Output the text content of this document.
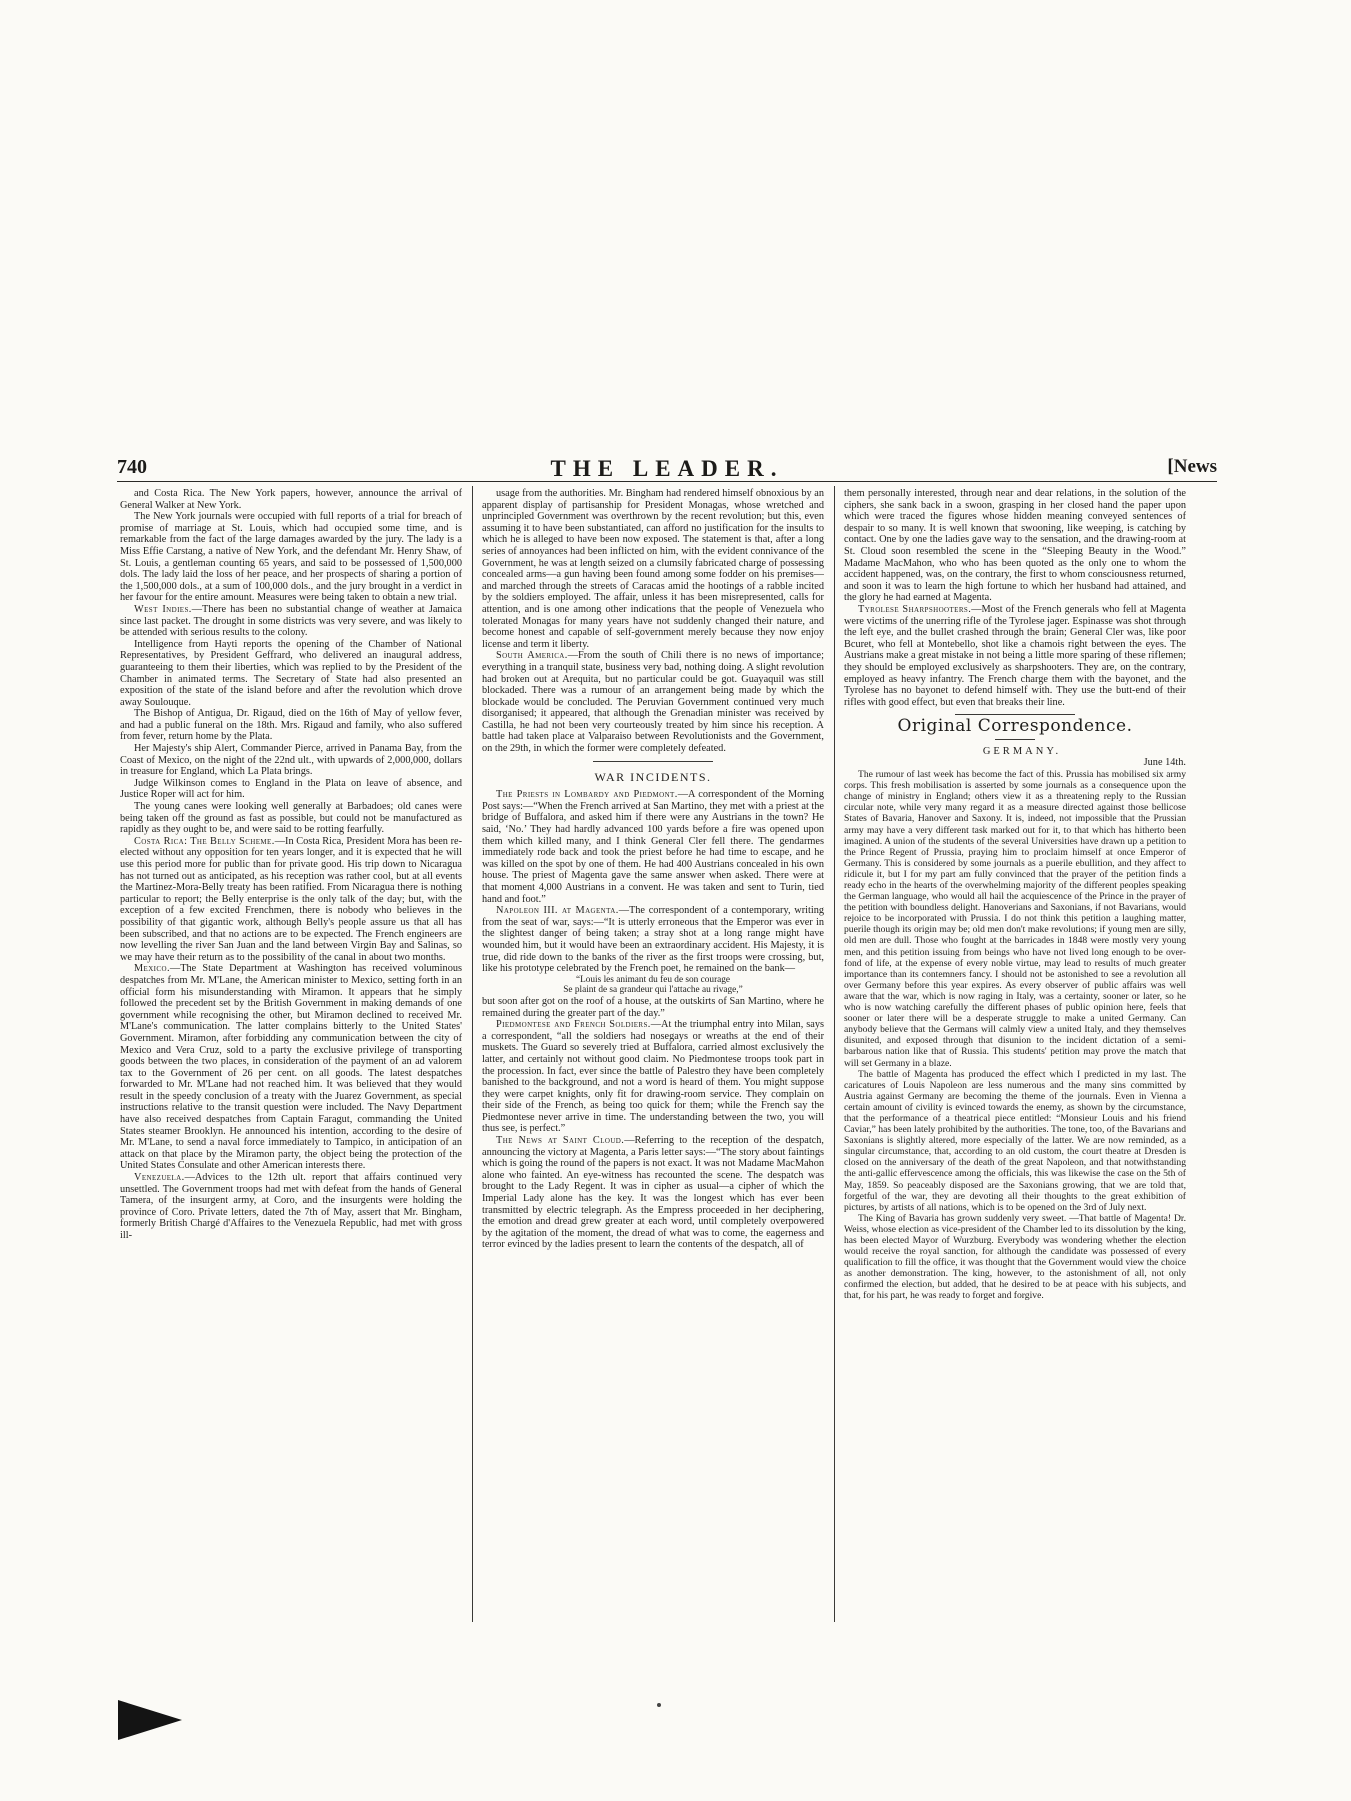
740	THE LEADER.	[News

and Costa Rica. The New York papers, however, announce the arrival of General Walker at New York.

The New York journals were occupied with full reports of a trial for breach of promise of marriage at St. Louis, which had occupied some time, and is remarkable from the fact of the large damages awarded by the jury. The lady is a Miss Effie Carstang, a native of New York, and the defendant Mr. Henry Shaw, of St. Louis, a gentleman counting 65 years, and said to be possessed of 1,500,000 dols. The lady laid the loss of her peace, and her prospects of sharing a portion of the 1,500,000 dols., at a sum of 100,000 dols., and the jury brought in a verdict in her favour for the entire amount. Measures were being taken to obtain a new trial.

West Indies.—There has been no substantial change of weather at Jamaica since last packet. The drought in some districts was very severe, and was likely to be attended with serious results to the colony.

Intelligence from Hayti reports the opening of the Chamber of National Representatives, by President Geffrard, who delivered an inaugural address, guaranteeing to them their liberties, which was replied to by the President of the Chamber in animated terms. The Secretary of State had also presented an exposition of the state of the island before and after the revolution which drove away Soulouque.

The Bishop of Antigua, Dr. Rigaud, died on the 16th of May of yellow fever, and had a public funeral on the 18th. Mrs. Rigaud and family, who also suffered from fever, return home by the Plata.

Her Majesty's ship Alert, Commander Pierce, arrived in Panama Bay, from the Coast of Mexico, on the night of the 22nd ult., with upwards of 2,000,000, dollars in treasure for England, which La Plata brings.

Judge Wilkinson comes to England in the Plata on leave of absence, and Justice Roper will act for him.

The young canes were looking well generally at Barbadoes; old canes were being taken off the ground as fast as possible, but could not be manufactured as rapidly as they ought to be, and were said to be rotting fearfully.

Costa Rica: The Belly Scheme.—In Costa Rica, President Mora has been re-elected without any opposition for ten years longer, and it is expected that he will use this period more for public than for private good. His trip down to Nicaragua has not turned out as anticipated, as his reception was rather cool, but at all events the Martinez-Mora-Belly treaty has been ratified. From Nicaragua there is nothing particular to report; the Belly enterprise is the only talk of the day; but, with the exception of a few excited Frenchmen, there is nobody who believes in the possibility of that gigantic work, although Belly's people assure us that all has been subscribed, and that no actions are to be expected. The French engineers are now levelling the river San Juan and the land between Virgin Bay and Salinas, so we may have their return as to the possibility of the canal in about two months.

Mexico.—The State Department at Washington has received voluminous despatches from Mr. M'Lane, the American minister to Mexico, setting forth in an official form his misunderstanding with Miramon. It appears that he simply followed the precedent set by the British Government in making demands of one government while recognising the other, but Miramon declined to received Mr. M'Lane's communication. The latter complains bitterly to the United States' Government. Miramon, after forbidding any communication between the city of Mexico and Vera Cruz, sold to a party the exclusive privilege of transporting goods between the two places, in consideration of the payment of an ad valorem tax to the Government of 26 per cent. on all goods. The latest despatches forwarded to Mr. M'Lane had not reached him. It was believed that they would result in the speedy conclusion of a treaty with the Juarez Government, as special instructions relative to the transit question were included. The Navy Department have also received despatches from Captain Faragut, commanding the United States steamer Brooklyn. He announced his intention, according to the desire of Mr. M'Lane, to send a naval force immediately to Tampico, in anticipation of an attack on that place by the Miramon party, the object being the protection of the United States Consulate and other American interests there.

Venezuela.—Advices to the 12th ult. report that affairs continued very unsettled. The Government troops had met with defeat from the hands of General Tamera, of the insurgent army, at Coro, and the insurgents were holding the province of Coro. Private letters, dated the 7th of May, assert that Mr. Bingham, formerly British Chargé d'Affaires to the Venezuela Republic, had met with gross ill-

usage from the authorities. Mr. Bingham had rendered himself obnoxious by an apparent display of partisanship for President Monagas, whose wretched and unprincipled Government was overthrown by the recent revolution; but this, even assuming it to have been substantiated, can afford no justification for the insults to which he is alleged to have been now exposed. The statement is that, after a long series of annoyances had been inflicted on him, with the evident connivance of the Government, he was at length seized on a clumsily fabricated charge of possessing concealed arms—a gun having been found among some fodder on his premises—and marched through the streets of Caracas amid the hootings of a rabble incited by the soldiers employed. The affair, unless it has been misrepresented, calls for attention, and is one among other indications that the people of Venezuela who tolerated Monagas for many years have not suddenly changed their nature, and become honest and capable of self-government merely because they now enjoy license and term it liberty.

South America.—From the south of Chili there is no news of importance; everything in a tranquil state, business very bad, nothing doing. A slight revolution had broken out at Arequita, but no particular could be got. Guayaquil was still blockaded. There was a rumour of an arrangement being made by which the blockade would be concluded. The Peruvian Government continued very much disorganised; it appeared, that although the Grenadian minister was received by Castilla, he had not been very courteously treated by him since his reception. A battle had taken place at Valparaiso between Revolutionists and the Government, on the 29th, in which the former were completely defeated.

WAR INCIDENTS.

The Priests in Lombardy and Piedmont.—A correspondent of the Morning Post says:—“When the French arrived at San Martino, they met with a priest at the bridge of Buffalora, and asked him if there were any Austrians in the town? He said, ‘No.’ They had hardly advanced 100 yards before a fire was opened upon them which killed many, and I think General Cler fell there. The gendarmes immediately rode back and took the priest before he had time to escape, and he was killed on the spot by one of them. He had 400 Austrians concealed in his own house. The priest of Magenta gave the same answer when asked. There were at that moment 4,000 Austrians in a convent. He was taken and sent to Turin, tied hand and foot.”

Napoleon III. at Magenta.—The correspondent of a contemporary, writing from the seat of war, says:—“It is utterly erroneous that the Emperor was ever in the slightest danger of being taken; a stray shot at a long range might have wounded him, but it would have been an extraordinary accident. His Majesty, it is true, did ride down to the banks of the river as the first troops were crossing, but, like his prototype celebrated by the French poet, he remained on the bank—

“Louis les animant du feu de son courage

Se plaint de sa grandeur qui l'attache au rivage,”

but soon after got on the roof of a house, at the outskirts of San Martino, where he remained during the greater part of the day.”

Piedmontese and French Soldiers.—At the triumphal entry into Milan, says a correspondent, “all the soldiers had nosegays or wreaths at the end of their muskets. The Guard so severely tried at Buffalora, carried almost exclusively the latter, and certainly not without good claim. No Piedmontese troops took part in the procession. In fact, ever since the battle of Palestro they have been completely banished to the background, and not a word is heard of them. You might suppose they were carpet knights, only fit for drawing-room service. They complain on their side of the French, as being too quick for them; while the French say the Piedmontese never arrive in time. The understanding between the two, you will thus see, is perfect.”

The News at Saint Cloud.—Referring to the reception of the despatch, announcing the victory at Magenta, a Paris letter says:—“The story about faintings which is going the round of the papers is not exact. It was not Madame MacMahon alone who fainted. An eye-witness has recounted the scene. The despatch was brought to the Lady Regent. It was in cipher as usual—a cipher of which the Imperial Lady alone has the key. It was the longest which has ever been transmitted by electric telegraph. As the Empress proceeded in her deciphering, the emotion and dread grew greater at each word, until completely overpowered by the agitation of the moment, the dread of what was to come, the eagerness and terror evinced by the ladies present to learn the contents of the despatch, all of

them personally interested, through near and dear relations, in the solution of the ciphers, she sank back in a swoon, grasping in her closed hand the paper upon which were traced the figures whose hidden meaning conveyed sentences of despair to so many. It is well known that swooning, like weeping, is catching by contact. One by one the ladies gave way to the sensation, and the drawing-room at St. Cloud soon resembled the scene in the “Sleeping Beauty in the Wood.” Madame MacMahon, who who has been quoted as the only one to whom the accident happened, was, on the contrary, the first to whom consciousness returned, and soon it was to learn the high fortune to which her husband had attained, and the glory he had earned at Magenta.

Tyrolese Sharpshooters.—Most of the French generals who fell at Magenta were victims of the unerring rifle of the Tyrolese jager. Espinasse was shot through the left eye, and the bullet crashed through the brain; General Cler was, like poor Bcuret, who fell at Montebello, shot like a chamois right between the eyes. The Austrians make a great mistake in not being a little more sparing of these riflemen; they should be employed exclusively as sharpshooters. They are, on the contrary, employed as heavy infantry. The French charge them with the bayonet, and the Tyrolese has no bayonet to defend himself with. They use the butt-end of their rifles with good effect, but even that breaks their line.

Original Correspondence.

GERMANY.

June 14th.

The rumour of last week has become the fact of this. Prussia has mobilised six army corps. This fresh mobilisation is asserted by some journals as a consequence upon the change of ministry in England; others view it as a threatening reply to the Russian circular note, while very many regard it as a measure directed against those bellicose States of Bavaria, Hanover and Saxony. It is, indeed, not impossible that the Prussian army may have a very different task marked out for it, to that which has hitherto been imagined. A union of the students of the several Universities have drawn up a petition to the Prince Regent of Prussia, praying him to proclaim himself at once Emperor of Germany. This is considered by some journals as a puerile ebullition, and they affect to ridicule it, but I for my part am fully convinced that the prayer of the petition finds a ready echo in the hearts of the overwhelming majority of the different peoples speaking the German language, who would all hail the acquiescence of the Prince in the prayer of the petition with boundless delight. Hanoverians and Saxonians, if not Bavarians, would rejoice to be incorporated with Prussia. I do not think this petition a laughing matter, puerile though its origin may be; old men don't make revolutions; if young men are silly, old men are dull. Those who fought at the barricades in 1848 were mostly very young men, and this petition issuing from beings who have not lived long enough to be over-fond of life, at the expense of every noble virtue, may lead to results of much greater importance than its contemners fancy. I should not be astonished to see a revolution all over Germany before this year expires. As every observer of public affairs was well aware that the war, which is now raging in Italy, was a certainty, sooner or later, so he who is now watching carefully the different phases of public opinion here, feels that sooner or later there will be a desperate struggle to make a united Germany. Can anybody believe that the Germans will calmly view a united Italy, and they themselves disunited, and exposed through that disunion to the incident dictation of a semi-barbarous nation like that of Russia. This students' petition may prove the match that will set Germany in a blaze.

The battle of Magenta has produced the effect which I predicted in my last. The caricatures of Louis Napoleon are less numerous and the many sins committed by Austria against Germany are becoming the theme of the journals. Even in Vienna a certain amount of civility is evinced towards the enemy, as shown by the circumstance, that the performance of a theatrical piece entitled: “Monsieur Louis and his friend Caviar,” has been lately prohibited by the authorities. The tone, too, of the Bavarians and Saxonians is slightly altered, more especially of the latter. We are now reminded, as a singular circumstance, that, according to an old custom, the court theatre at Dresden is closed on the anniversary of the death of the great Napoleon, and that notwithstanding the anti-gallic effervescence among the officials, this was likewise the case on the 5th of May, 1859. So peaceably disposed are the Saxonians growing, that we are told that, forgetful of the war, they are devoting all their thoughts to the great exhibition of pictures, by artists of all nations, which is to be opened on the 3rd of July next.

The King of Bavaria has grown suddenly very sweet. —That battle of Magenta! Dr. Weiss, whose election as vice-president of the Chamber led to its dissolution by the king, has been elected Mayor of Wurzburg. Everybody was wondering whether the election would receive the royal sanction, for although the candidate was possessed of every qualification to fill the office, it was thought that the Government would view the choice as another demonstration. The king, however, to the astonishment of all, not only confirmed the election, but added, that he desired to be at peace with his subjects, and that, for his part, he was ready to forget and forgive.
